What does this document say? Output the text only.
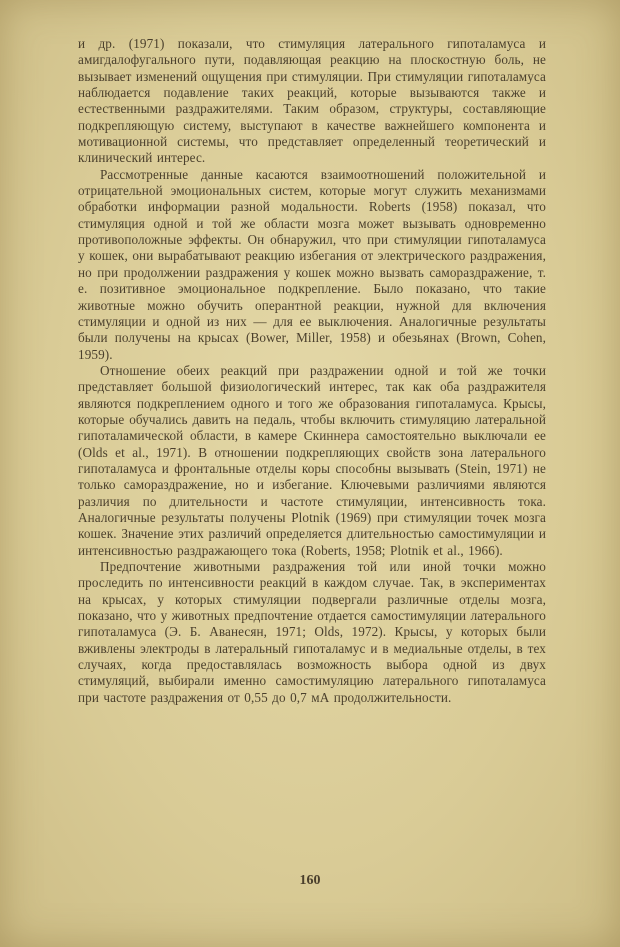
и др. (1971) показали, что стимуляция латерального гипоталамуса и амигдалофугального пути, подавляющая реакцию на плоскостную боль, не вызывает изменений ощущения при стимуляции. При стимуляции гипоталамуса наблюдается подавление таких реакций, которые вызываются также и естественными раздражителями. Таким образом, структуры, составляющие подкрепляющую систему, выступают в качестве важнейшего компонента и мотивационной системы, что представляет определенный теоретический и клинический интерес.

Рассмотренные данные касаются взаимоотношений положительной и отрицательной эмоциональных систем, которые могут служить механизмами обработки информации разной модальности. Roberts (1958) показал, что стимуляция одной и той же области мозга может вызывать одновременно противоположные эффекты. Он обнаружил, что при стимуляции гипоталамуса у кошек, они вырабатывают реакцию избегания от электрического раздражения, но при продолжении раздражения у кошек можно вызвать самораздражение, т. е. позитивное эмоциональное подкрепление. Было показано, что такие животные можно обучить оперантной реакции, нужной для включения стимуляции и одной из них — для ее выключения. Аналогичные результаты были получены на крысах (Bower, Miller, 1958) и обезьянах (Brown, Cohen, 1959).

Отношение обеих реакций при раздражении одной и той же точки представляет большой физиологический интерес, так как оба раздражителя являются подкреплением одного и того же образования гипоталамуса. Крысы, которые обучались давить на педаль, чтобы включить стимуляцию латеральной гипоталамической области, в камере Скиннера самостоятельно выключали ее (Olds et al., 1971). В отношении подкрепляющих свойств зона латерального гипоталамуса и фронтальные отделы коры способны вызывать (Stein, 1971) не только самораздражение, но и избегание. Ключевыми различиями являются различия по длительности и частоте стимуляции, интенсивность тока. Аналогичные результаты получены Plotnik (1969) при стимуляции точек мозга кошек. Значение этих различий определяется длительностью самостимуляции и интенсивностью раздражающего тока (Roberts, 1958; Plotnik et al., 1966).

Предпочтение животными раздражения той или иной точки можно проследить по интенсивности реакций в каждом случае. Так, в экспериментах на крысах, у которых стимуляции подвергали различные отделы мозга, показано, что у животных предпочтение отдается самостимуляции латерального гипоталамуса (Э. Б. Аванесян, 1971; Olds, 1972). Крысы, у которых были вживлены электроды в латеральный гипоталамус и в медиальные отделы, в тех случаях, когда предоставлялась возможность выбора одной из двух стимуляций, выбирали именно самостимуляцию латерального гипоталамуса при частоте раздражения от 0,55 до 0,7 мА продолжительности.

160
